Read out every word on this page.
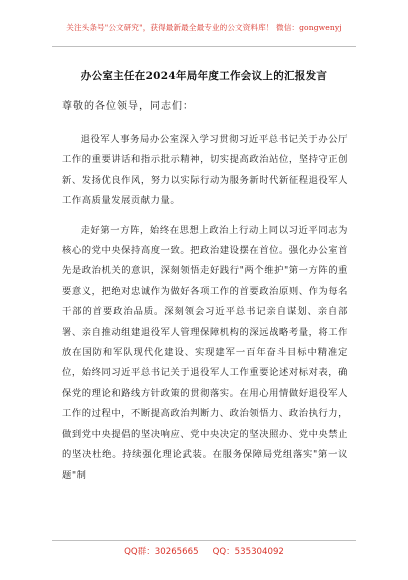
关注头条号"公文研究"，获得最新最全最专业的公文资料库！ 微信：gongwenyj
办公室主任在2024年局年度工作会议上的汇报发言
尊敬的各位领导，同志们：

退役军人事务局办公室深入学习贯彻习近平总书记关于办公厅工作的重要讲话和指示批示精神，切实提高政治站位，坚持守正创新、发扬优良作风，努力以实际行动为服务新时代新征程退役军人工作高质量发展贡献力量。

走好第一方阵，始终在思想上政治上行动上同以习近平同志为核心的党中央保持高度一致。把政治建设摆在首位。强化办公室首先是政治机关的意识，深刻领悟走好践行"两个维护"第一方阵的重要意义，把绝对忠诚作为做好各项工作的首要政治原则、作为每名干部的首要政治品质。深刻领会习近平总书记亲自谋划、亲自部署、亲自推动组建退役军人管理保障机构的深远战略考量，将工作放在国防和军队现代化建设、实现建军一百年奋斗目标中精准定位，始终同习近平总书记关于退役军人工作重要论述对标对表，确保党的理论和路线方针政策的贯彻落实。在用心用情做好退役军人工作的过程中，不断提高政治判断力、政治领悟力、政治执行力，做到党中央提倡的坚决响应、党中央决定的坚决照办、党中央禁止的坚决杜绝。持续强化理论武装。在服务保障局党组落实"第一议题"制

QQ群：30265665 QQ：535304092
